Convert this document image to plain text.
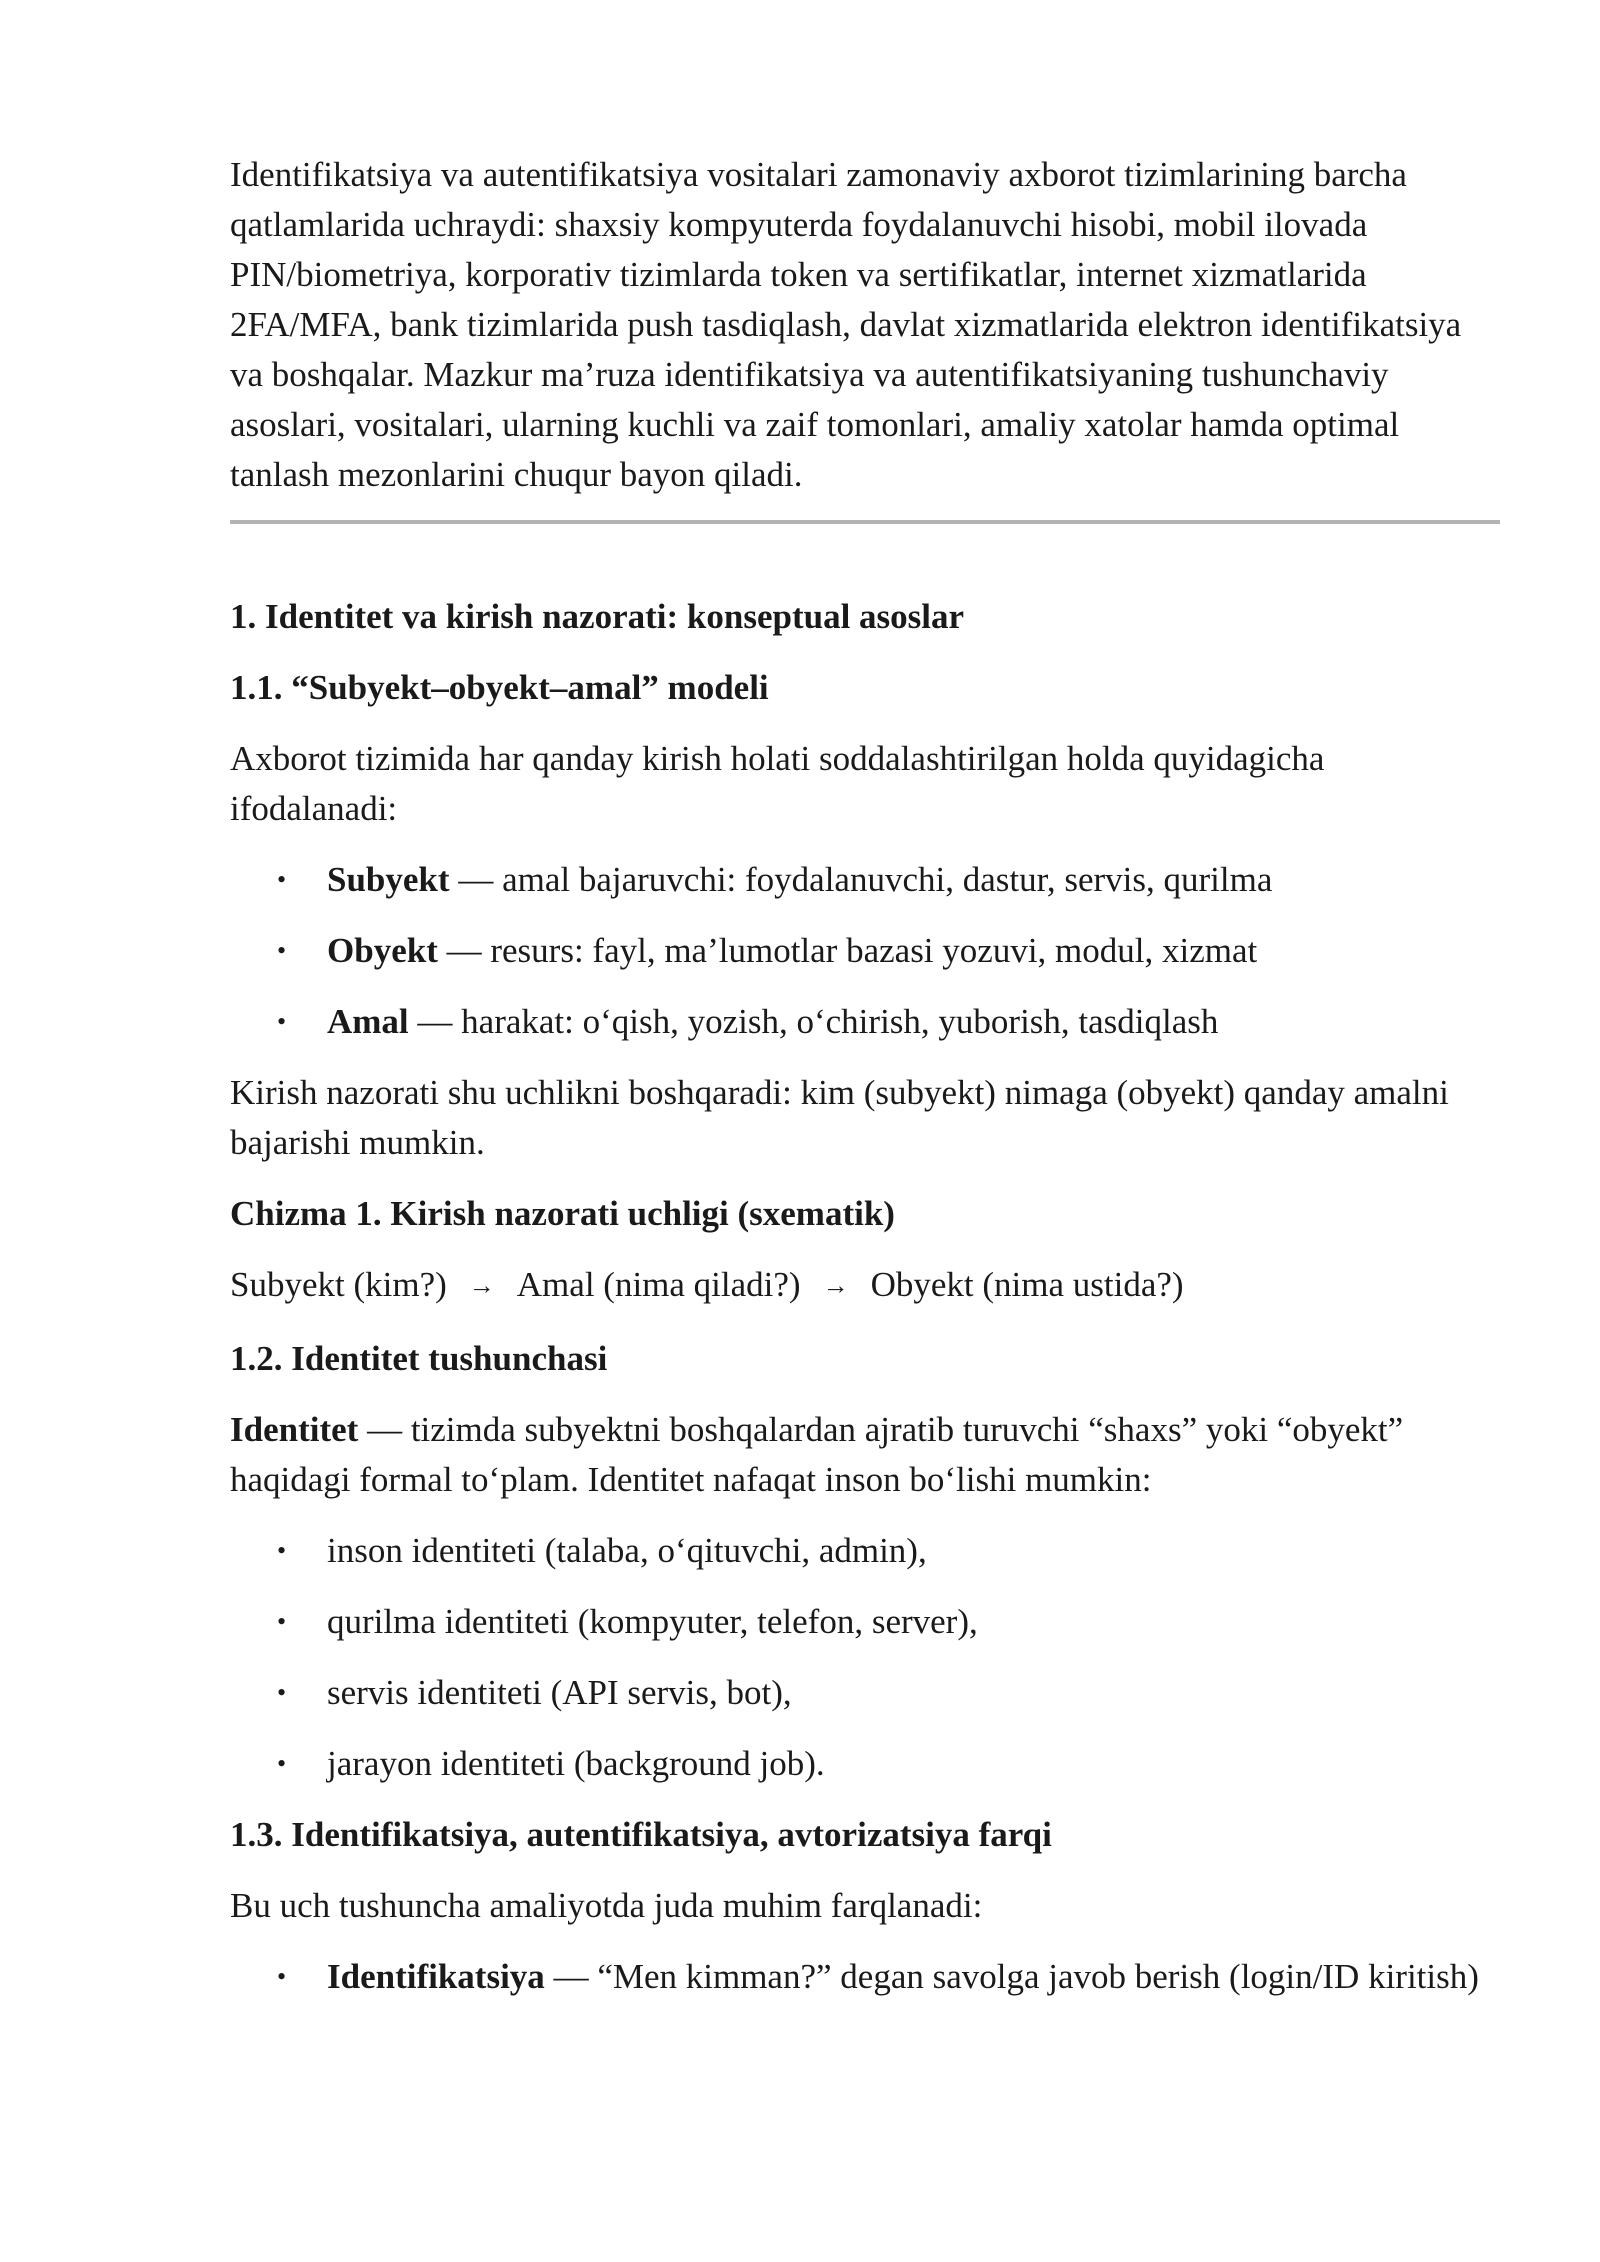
Identifikatsiya va autentifikatsiya vositalari zamonaviy axborot tizimlarining barcha qatlamlarida uchraydi: shaxsiy kompyuterda foydalanuvchi hisobi, mobil ilovada PIN/biometriya, korporativ tizimlarda token va sertifikatlar, internet xizmatlarida 2FA/MFA, bank tizimlarida push tasdiqlash, davlat xizmatlarida elektron identifikatsiya va boshqalar. Mazkur ma’ruza identifikatsiya va autentifikatsiyaning tushunchaviy asoslari, vositalari, ularning kuchli va zaif tomonlari, amaliy xatolar hamda optimal tanlash mezonlarini chuqur bayon qiladi.

1. Identitet va kirish nazorati: konseptual asoslar

1.1. “Subyekt–obyekt–amal” modeli

Axborot tizimida har qanday kirish holati soddalashtirilgan holda quyidagicha ifodalanadi:

• Subyekt — amal bajaruvchi: foydalanuvchi, dastur, servis, qurilma
• Obyekt — resurs: fayl, ma’lumotlar bazasi yozuvi, modul, xizmat
• Amal — harakat: o‘qish, yozish, o‘chirish, yuborish, tasdiqlash

Kirish nazorati shu uchlikni boshqaradi: kim (subyekt) nimaga (obyekt) qanday amalni bajarishi mumkin.

Chizma 1. Kirish nazorati uchligi (sxematik)

Subyekt (kim?) → Amal (nima qiladi?) → Obyekt (nima ustida?)

1.2. Identitet tushunchasi

Identitet — tizimda subyektni boshqalardan ajratib turuvchi “shaxs” yoki “obyekt” haqidagi formal to‘plam. Identitet nafaqat inson bo‘lishi mumkin:

• inson identiteti (talaba, o‘qituvchi, admin),
• qurilma identiteti (kompyuter, telefon, server),
• servis identiteti (API servis, bot),
• jarayon identiteti (background job).

1.3. Identifikatsiya, autentifikatsiya, avtorizatsiya farqi

Bu uch tushuncha amaliyotda juda muhim farqlanadi:

• Identifikatsiya — “Men kimman?” degan savolga javob berish (login/ID kiritish)
